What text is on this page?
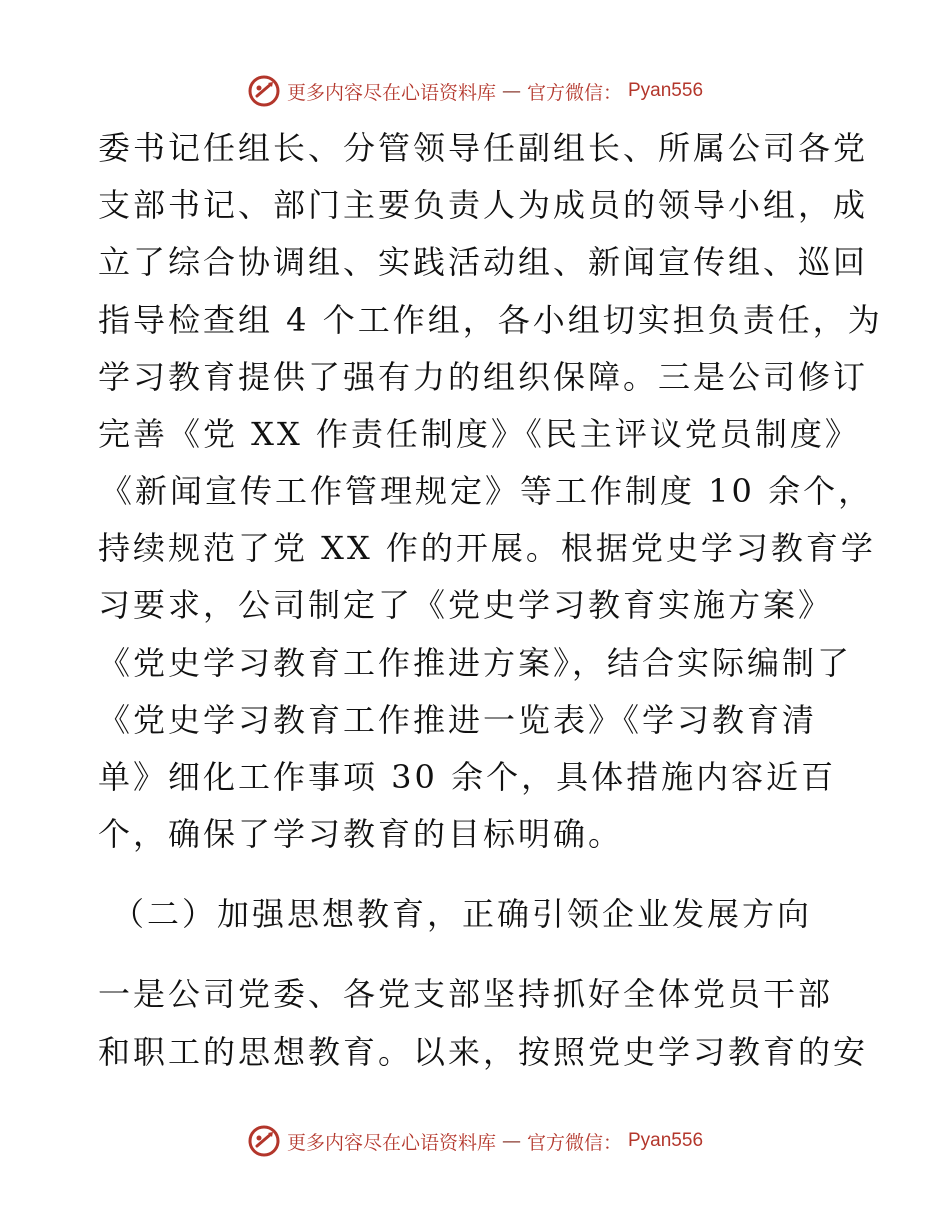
更多内容尽在心语资料库 — 官方微信： Pyan556
委书记任组长、分管领导任副组长、所属公司各党
支部书记、部门主要负责人为成员的领导小组，成
立了综合协调组、实践活动组、新闻宣传组、巡回
指导检查组 4 个工作组，各小组切实担负责任，为
学习教育提供了强有力的组织保障。三是公司修订
完善《党 XX 作责任制度》《民主评议党员制度》
《新闻宣传工作管理规定》等工作制度 10 余个，
持续规范了党 XX 作的开展。根据党史学习教育学
习要求，公司制定了《党史学习教育实施方案》
《党史学习教育工作推进方案》，结合实际编制了
《党史学习教育工作推进一览表》《学习教育清
单》细化工作事项 30 余个，具体措施内容近百
个，确保了学习教育的目标明确。
（二）加强思想教育，正确引领企业发展方向
一是公司党委、各党支部坚持抓好全体党员干部
和职工的思想教育。以来，按照党史学习教育的安
更多内容尽在心语资料库 — 官方微信： Pyan556
